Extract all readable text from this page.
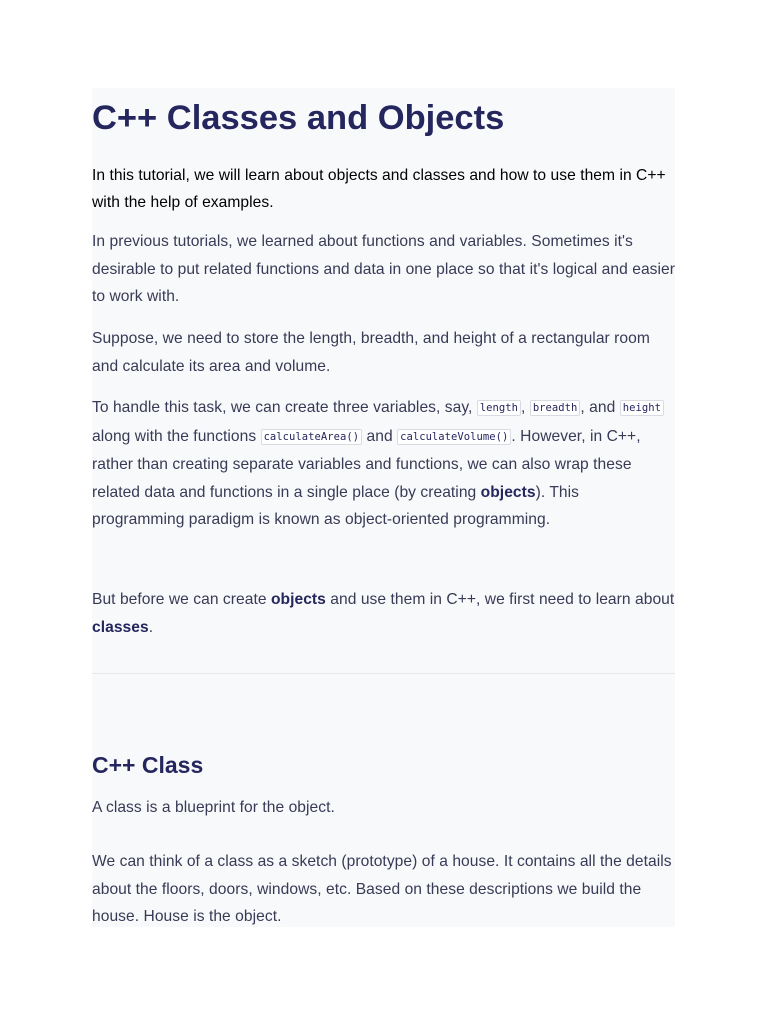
C++ Classes and Objects

In this tutorial, we will learn about objects and classes and how to use them in C++ with the help of examples.

In previous tutorials, we learned about functions and variables. Sometimes it's desirable to put related functions and data in one place so that it's logical and easier to work with.

Suppose, we need to store the length, breadth, and height of a rectangular room and calculate its area and volume.

To handle this task, we can create three variables, say, length , breadth , and height along with the functions calculateArea() and calculateVolume() . However, in C++, rather than creating separate variables and functions, we can also wrap these related data and functions in a single place (by creating objects). This programming paradigm is known as object-oriented programming.

But before we can create objects and use them in C++, we first need to learn about classes.

C++ Class

A class is a blueprint for the object.

We can think of a class as a sketch (prototype) of a house. It contains all the details about the floors, doors, windows, etc. Based on these descriptions we build the house. House is the object.
